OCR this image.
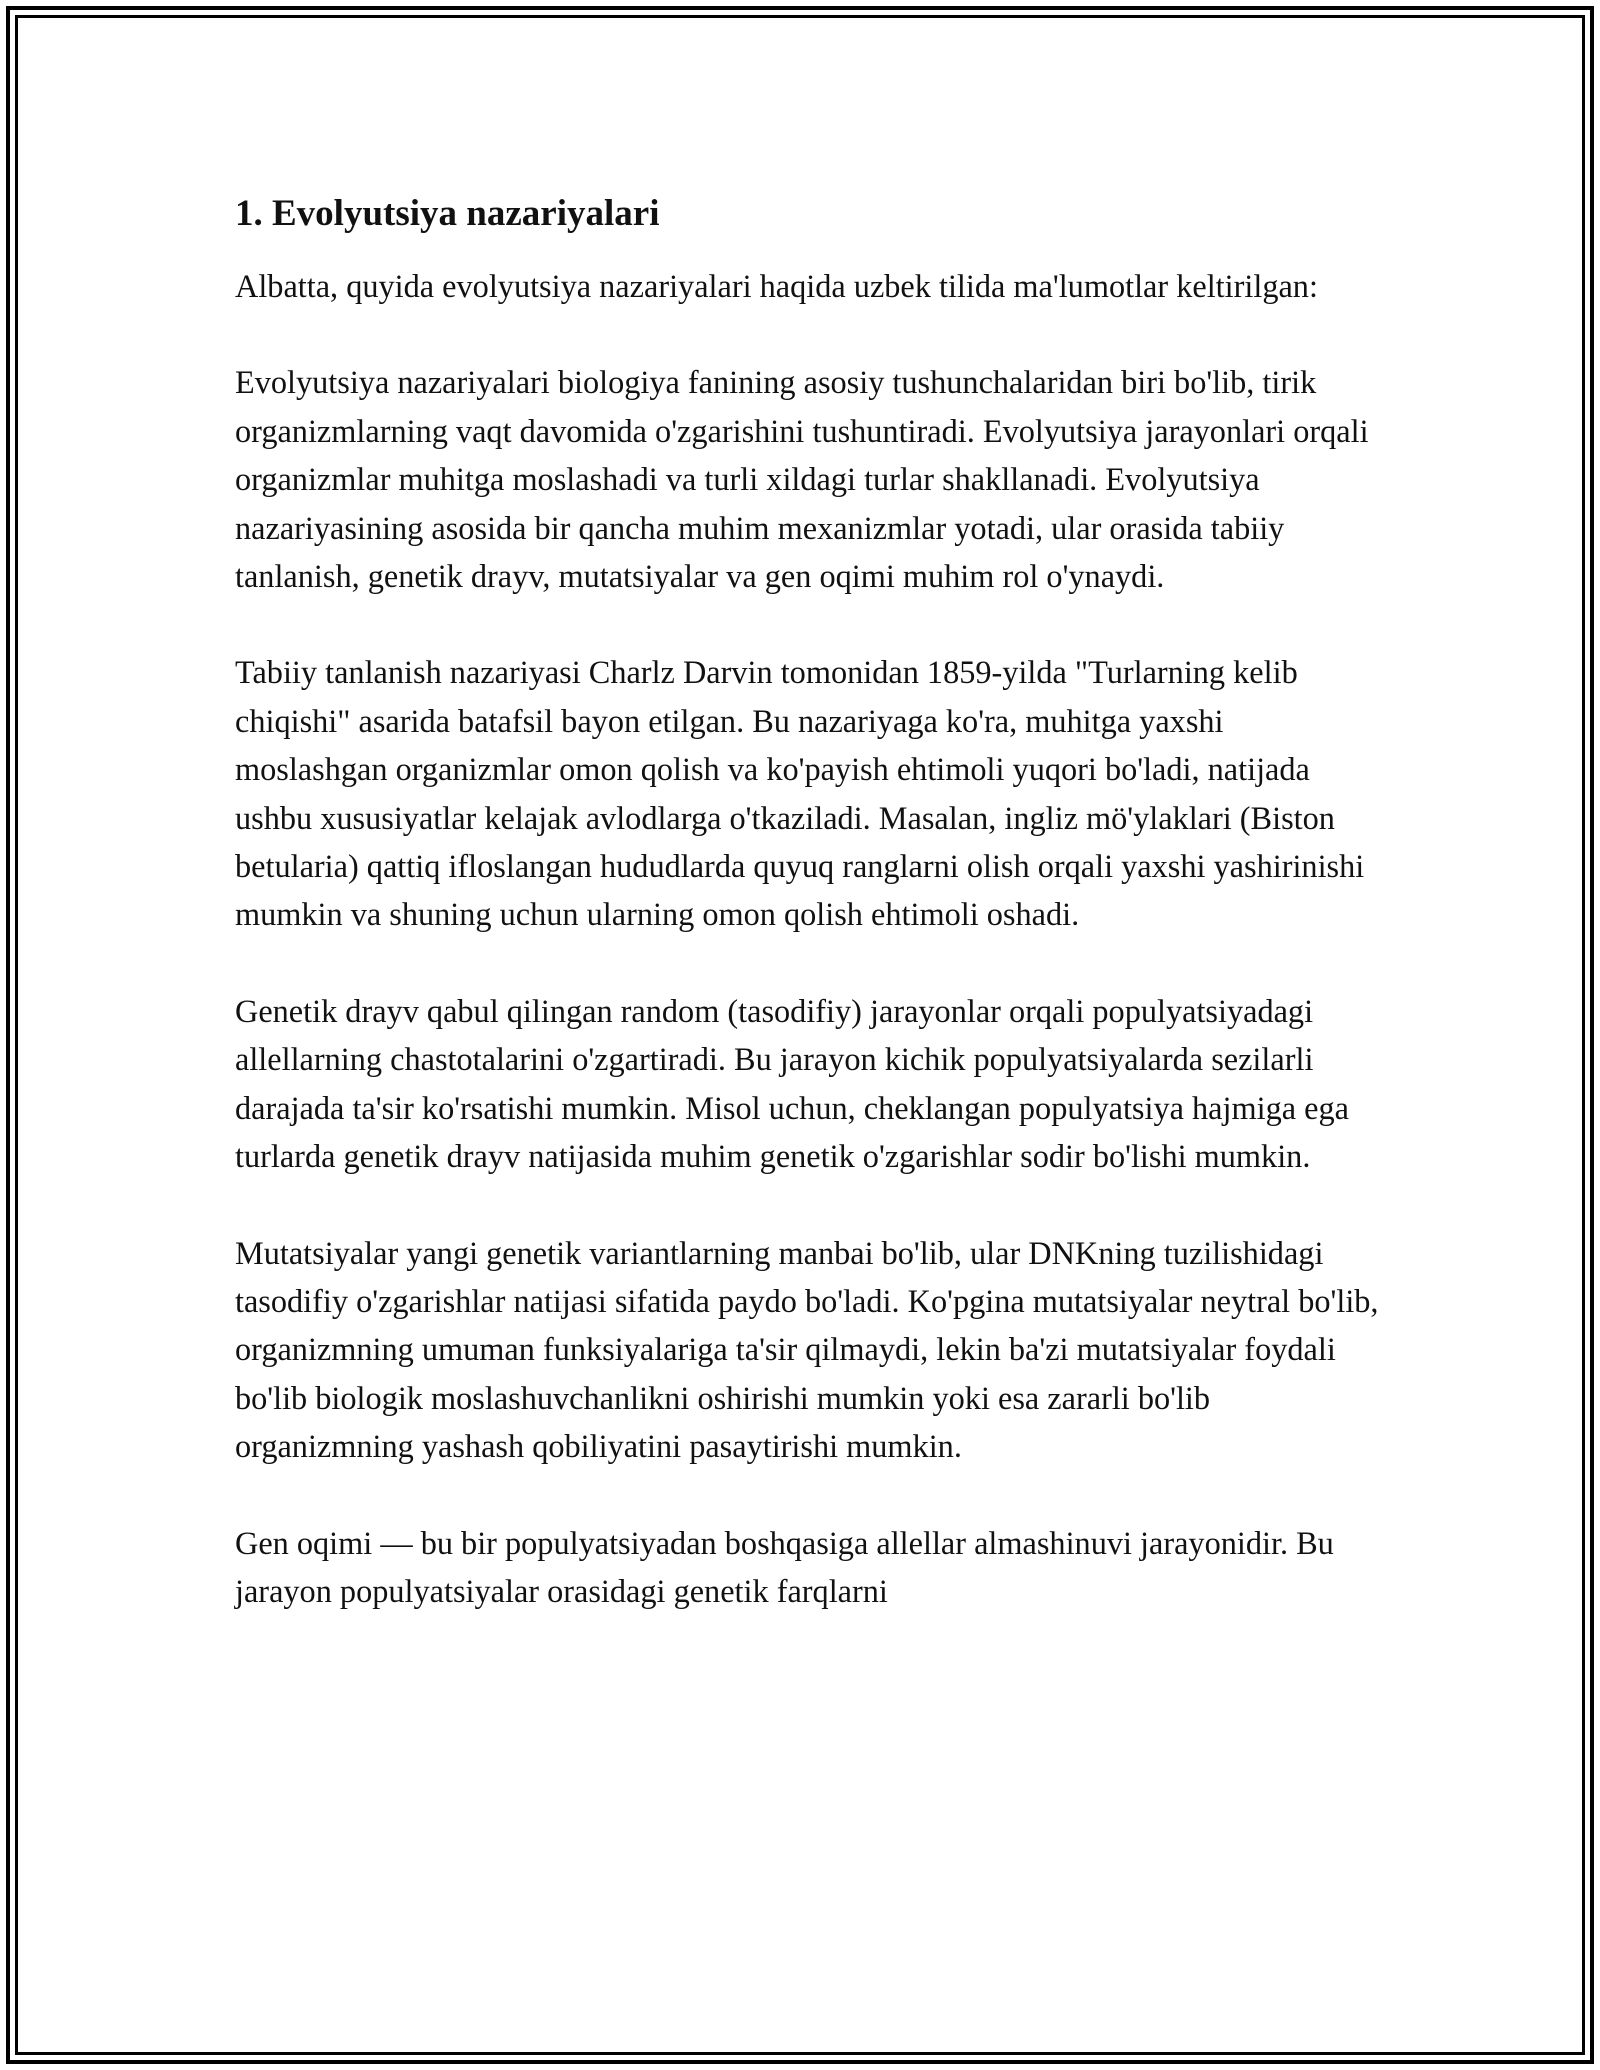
1. Evolyutsiya nazariyalari

Albatta, quyida evolyutsiya nazariyalari haqida uzbek tilida ma'lumotlar keltirilgan:

Evolyutsiya nazariyalari biologiya fanining asosiy tushunchalaridan biri bo'lib, tirik organizmlarning vaqt davomida o'zgarishini tushuntiradi. Evolyutsiya jarayonlari orqali organizmlar muhitga moslashadi va turli xildagi turlar shakllanadi. Evolyutsiya nazariyasining asosida bir qancha muhim mexanizmlar yotadi, ular orasida tabiiy tanlanish, genetik drayv, mutatsiyalar va gen oqimi muhim rol o'ynaydi.

Tabiiy tanlanish nazariyasi Charlz Darvin tomonidan 1859-yilda "Turlarning kelib chiqishi" asarida batafsil bayon etilgan. Bu nazariyaga ko'ra, muhitga yaxshi moslashgan organizmlar omon qolish va ko'payish ehtimoli yuqori bo'ladi, natijada ushbu xususiyatlar kelajak avlodlarga o'tkaziladi. Masalan, ingliz mö'ylaklari (Biston betularia) qattiq ifloslangan hududlarda quyuq ranglarni olish orqali yaxshi yashirinishi mumkin va shuning uchun ularning omon qolish ehtimoli oshadi.

Genetik drayv qabul qilingan random (tasodifiy) jarayonlar orqali populyatsiyadagi allellarning chastotalarini o'zgartiradi. Bu jarayon kichik populyatsiyalarda sezilarli darajada ta'sir ko'rsatishi mumkin. Misol uchun, cheklangan populyatsiya hajmiga ega turlarda genetik drayv natijasida muhim genetik o'zgarishlar sodir bo'lishi mumkin.

Mutatsiyalar yangi genetik variantlarning manbai bo'lib, ular DNKning tuzilishidagi tasodifiy o'zgarishlar natijasi sifatida paydo bo'ladi. Ko'pgina mutatsiyalar neytral bo'lib, organizmning umuman funksiyalariga ta'sir qilmaydi, lekin ba'zi mutatsiyalar foydali bo'lib biologik moslashuvchanlikni oshirishi mumkin yoki esa zararli bo'lib organizmning yashash qobiliyatini pasaytirishi mumkin.

Gen oqimi — bu bir populyatsiyadan boshqasiga allellar almashinuvi jarayonidir. Bu jarayon populyatsiyalar orasidagi genetik farqlarni
